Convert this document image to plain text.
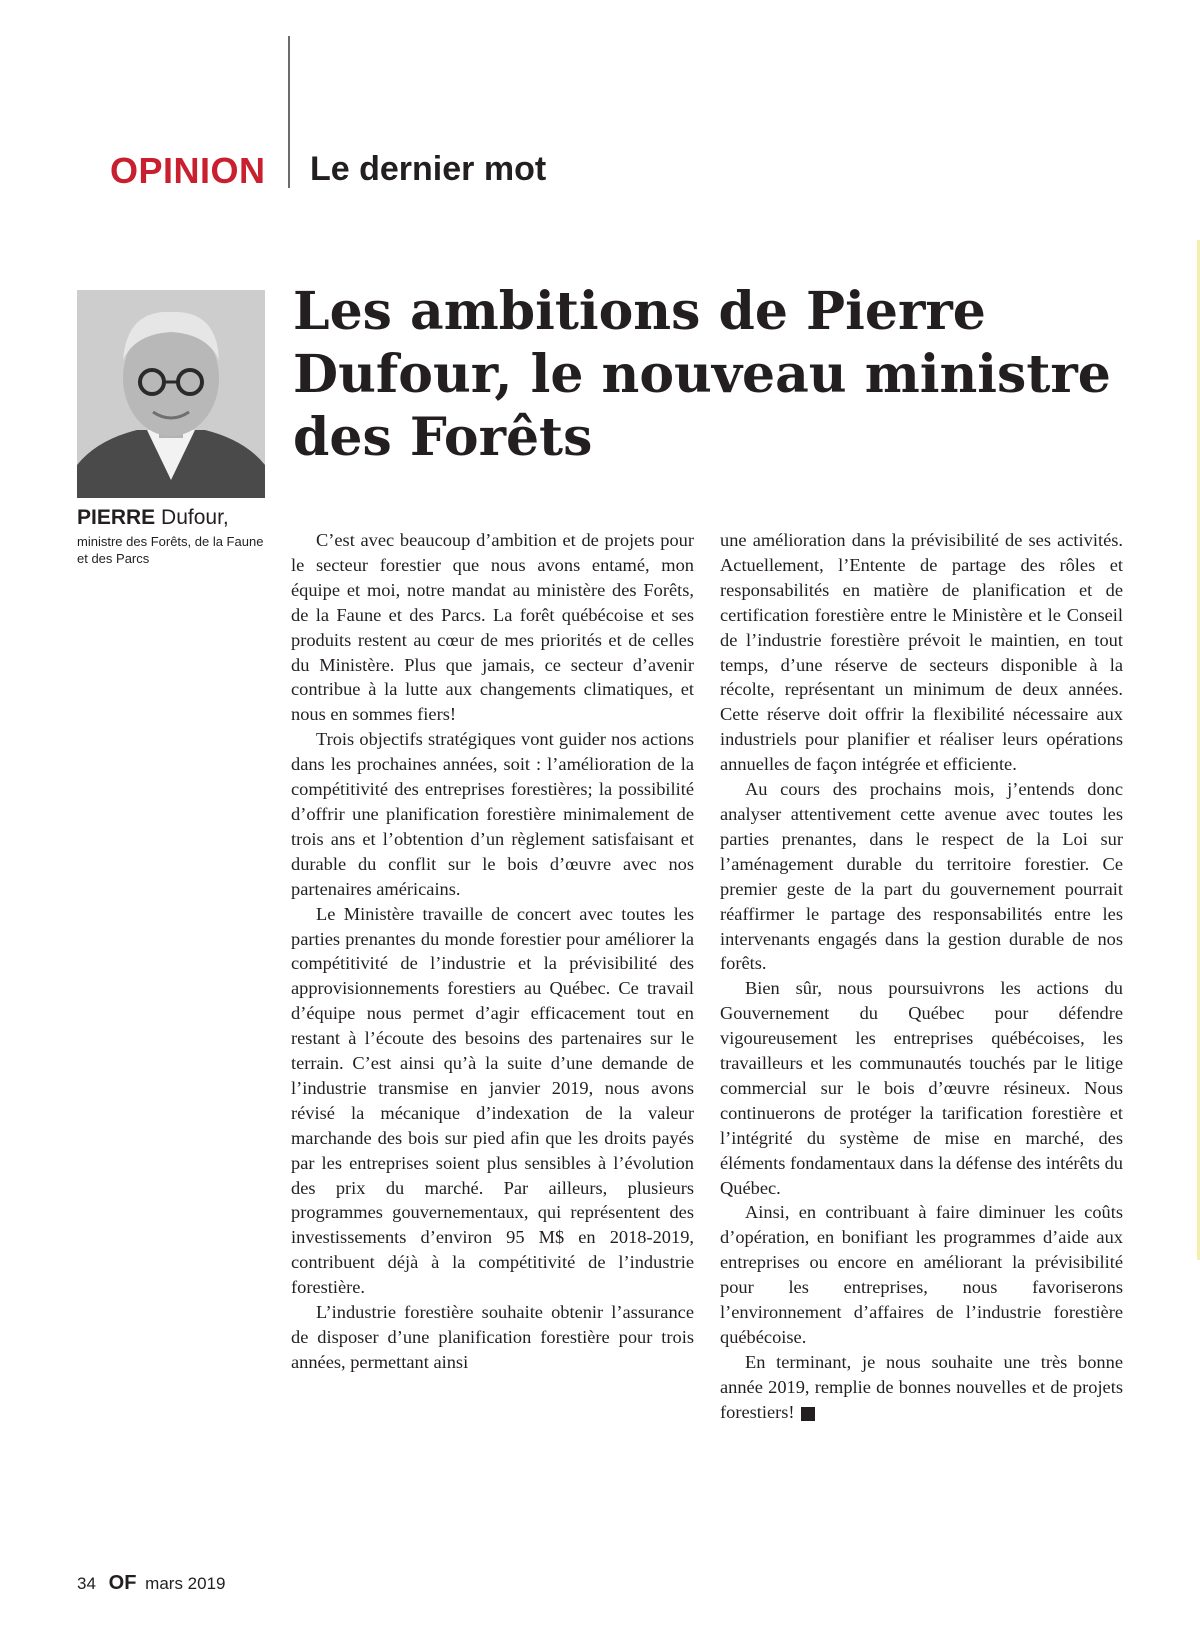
OPINION Le dernier mot
PIERRE Dufour,
ministre des Forêts, de la Faune et des Parcs
Les ambitions de Pierre Dufour, le nouveau ministre des Forêts

C’est avec beaucoup d’ambition et de projets pour le secteur forestier que nous avons entamé, mon équipe et moi, notre mandat au ministère des Forêts, de la Faune et des Parcs. La forêt québécoise et ses produits restent au cœur de mes priorités et de celles du Ministère. Plus que jamais, ce secteur d’avenir contribue à la lutte aux changements climatiques, et nous en sommes fiers!

Trois objectifs stratégiques vont guider nos actions dans les prochaines années, soit : l’amélioration de la compétitivité des entreprises forestières; la possibilité d’offrir une planification forestière minimalement de trois ans et l’obtention d’un règlement satisfaisant et durable du conflit sur le bois d’œuvre avec nos partenaires américains.

Le Ministère travaille de concert avec toutes les parties prenantes du monde forestier pour améliorer la compétitivité de l’industrie et la prévisibilité des approvisionnements forestiers au Québec. Ce travail d’équipe nous permet d’agir efficacement tout en restant à l’écoute des besoins des partenaires sur le terrain. C’est ainsi qu’à la suite d’une demande de l’industrie transmise en janvier 2019, nous avons révisé la mécanique d’indexation de la valeur marchande des bois sur pied afin que les droits payés par les entreprises soient plus sensibles à l’évolution des prix du marché. Par ailleurs, plusieurs programmes gouvernementaux, qui représentent des investissements d’environ 95 M$ en 2018-2019, contribuent déjà à la compétitivité de l’industrie forestière.

L’industrie forestière souhaite obtenir l’assurance de disposer d’une planification forestière pour trois années, permettant ainsi

une amélioration dans la prévisibilité de ses activités. Actuellement, l’Entente de partage des rôles et responsabilités en matière de planification et de certification forestière entre le Ministère et le Conseil de l’industrie forestière prévoit le maintien, en tout temps, d’une réserve de secteurs disponible à la récolte, représentant un minimum de deux années. Cette réserve doit offrir la flexibilité nécessaire aux industriels pour planifier et réaliser leurs opérations annuelles de façon intégrée et efficiente.

Au cours des prochains mois, j’entends donc analyser attentivement cette avenue avec toutes les parties prenantes, dans le respect de la Loi sur l’aménagement durable du territoire forestier. Ce premier geste de la part du gouvernement pourrait réaffirmer le partage des responsabilités entre les intervenants engagés dans la gestion durable de nos forêts.

Bien sûr, nous poursuivrons les actions du Gouvernement du Québec pour défendre vigoureusement les entreprises québécoises, les travailleurs et les communautés touchés par le litige commercial sur le bois d’œuvre résineux. Nous continuerons de protéger la tarification forestière et l’intégrité du système de mise en marché, des éléments fondamentaux dans la défense des intérêts du Québec.

Ainsi, en contribuant à faire diminuer les coûts d’opération, en bonifiant les programmes d’aide aux entreprises ou encore en améliorant la prévisibilité pour les entreprises, nous favoriserons l’environnement d’affaires de l’industrie forestière québécoise.

En terminant, je nous souhaite une très bonne année 2019, remplie de bonnes nouvelles et de projets forestiers!	OF

34 OF mars 2019
